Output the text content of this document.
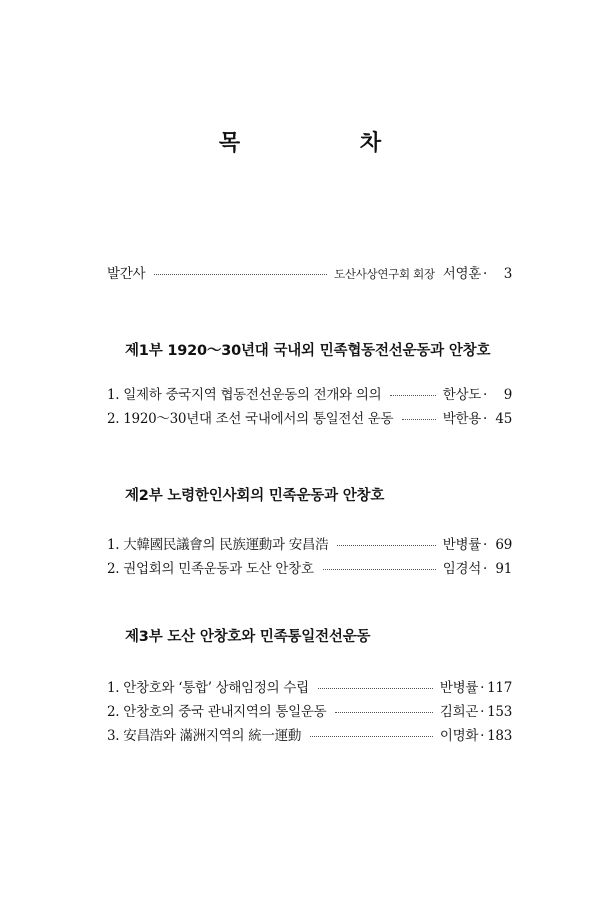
목 차
발간사	도산사상연구회 회장 서영훈 ·	3
제1부 1920～30년대 국내외 민족협동전선운동과 안창호
1. 일제하 중국지역 협동전선운동의 전개와 의의	한상도 ·	9
2. 1920～30년대 조선 국내에서의 통일전선 운동	박한용 · 45
제2부 노령한인사회의 민족운동과 안창호
1. 大韓國民議會의 民族運動과 安昌浩	반병률 · 69
2. 권업회의 민족운동과 도산 안창호	임경석 · 91
제3부 도산 안창호와 민족통일전선운동
1. 안창호와 ‘통합’ 상해임정의 수립	반병률 · 117
2. 안창호의 중국 관내지역의 통일운동	김희곤 · 153
3. 安昌浩와 滿洲지역의 統一運動	이명화 · 183
